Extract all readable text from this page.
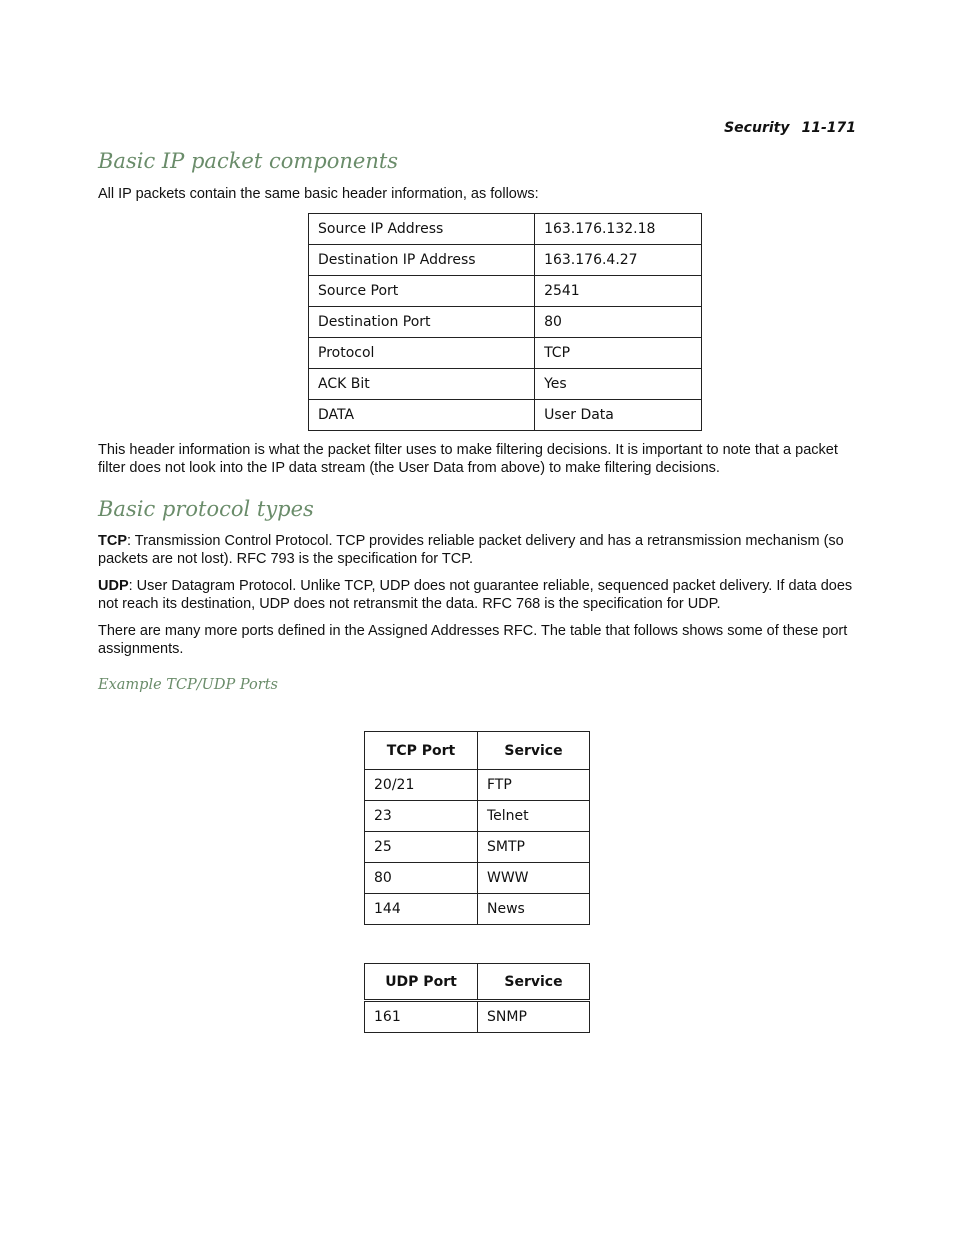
Security 11-171
Basic IP packet components

All IP packets contain the same basic header information, as follows:

Source IP Address	163.176.132.18
Destination IP Address	163.176.4.27
Source Port	2541
Destination Port	80
Protocol	TCP
ACK Bit	Yes
DATA	User Data

This header information is what the packet filter uses to make filtering decisions. It is important to note that a packet filter does not look into the IP data stream (the User Data from above) to make filtering decisions.

Basic protocol types

TCP: Transmission Control Protocol. TCP provides reliable packet delivery and has a retransmission mechanism (so packets are not lost). RFC 793 is the specification for TCP.

UDP: User Datagram Protocol. Unlike TCP, UDP does not guarantee reliable, sequenced packet delivery. If data does not reach its destination, UDP does not retransmit the data. RFC 768 is the specification for UDP.

There are many more ports defined in the Assigned Addresses RFC. The table that follows shows some of these port assignments.

Example TCP/UDP Ports
TCP Port	Service
20/21	FTP
23	Telnet
25	SMTP
80	WWW
144	News
UDP Port	Service
161	SNMP
